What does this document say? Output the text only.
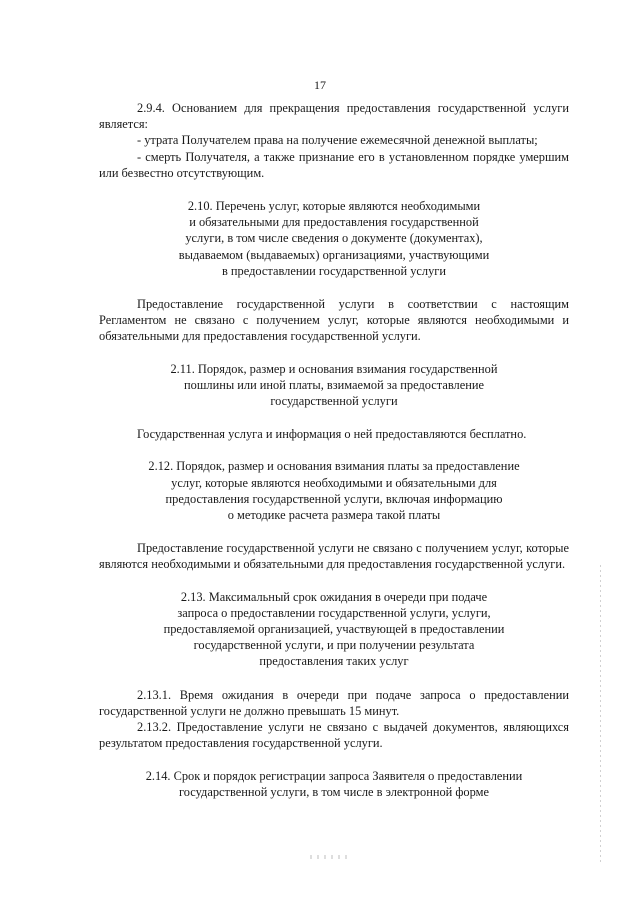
17

2.9.4. Основанием для прекращения предоставления государственной услуги является:

- утрата Получателем права на получение ежемесячной денежной выплаты;

- смерть Получателя, а также признание его в установленном порядке умершим или безвестно отсутствующим.

2.10. Перечень услуг, которые являются необходимыми

и обязательными для предоставления государственной

услуги, в том числе сведения о документе (документах),

выдаваемом (выдаваемых) организациями, участвующими

в предоставлении государственной услуги

Предоставление государственной услуги в соответствии с настоящим Регламентом не связано с получением услуг, которые являются необходимыми и обязательными для предоставления государственной услуги.

2.11. Порядок, размер и основания взимания государственной

пошлины или иной платы, взимаемой за предоставление

государственной услуги

Государственная услуга и информация о ней предоставляются бесплатно.

2.12. Порядок, размер и основания взимания платы за предоставление

услуг, которые являются необходимыми и обязательными для

предоставления государственной услуги, включая информацию

о методике расчета размера такой платы

Предоставление государственной услуги не связано с получением услуг, которые являются необходимыми и обязательными для предоставления государственной услуги.

2.13. Максимальный срок ожидания в очереди при подаче

запроса о предоставлении государственной услуги, услуги,

предоставляемой организацией, участвующей в предоставлении

государственной услуги, и при получении результата

предоставления таких услуг

2.13.1. Время ожидания в очереди при подаче запроса о предоставлении государственной услуги не должно превышать 15 минут.

2.13.2. Предоставление услуги не связано с выдачей документов, являющихся результатом предоставления государственной услуги.

2.14. Срок и порядок регистрации запроса Заявителя о предоставлении

государственной услуги, в том числе в электронной форме
